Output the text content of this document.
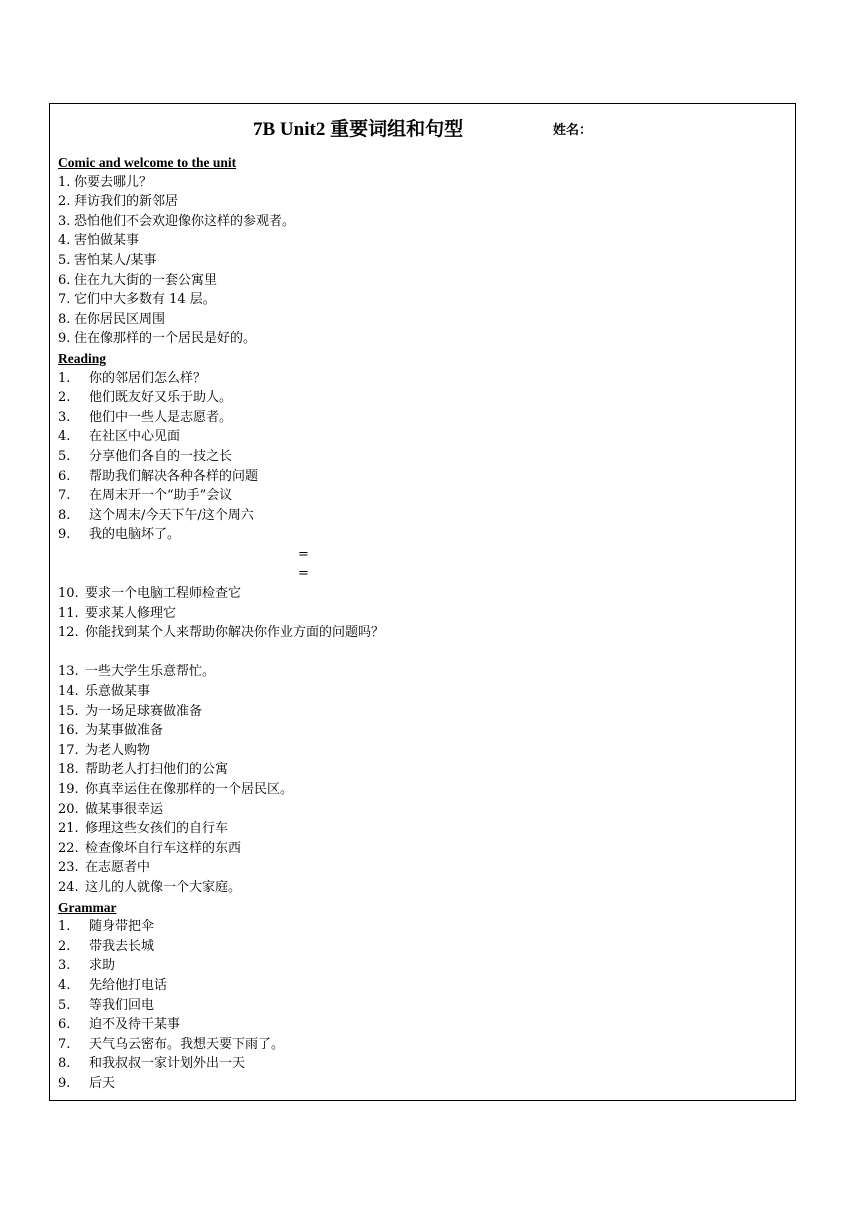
7B Unit2 重要词组和句型	姓名：
Comic and welcome to the unit
1. 你要去哪儿？
2. 拜访我们的新邻居
3. 恐怕他们不会欢迎像你这样的参观者。
4. 害怕做某事
5. 害怕某人/某事
6. 住在九大街的一套公寓里
7. 它们中大多数有 14 层。
8. 在你居民区周围
9. 住在像那样的一个居民是好的。
Reading
1. 你的邻居们怎么样？
2. 他们既友好又乐于助人。
3. 他们中一些人是志愿者。
4. 在社区中心见面
5. 分享他们各自的一技之长
6. 帮助我们解决各种各样的问题
7. 在周末开一个“助手”会议
8. 这个周末/今天下午/这个周六
9. 我的电脑坏了。
=
=
10. 要求一个电脑工程师检查它
11. 要求某人修理它
12. 你能找到某个人来帮助你解决你作业方面的问题吗？
13. 一些大学生乐意帮忙。
14. 乐意做某事
15. 为一场足球赛做准备
16. 为某事做准备
17. 为老人购物
18. 帮助老人打扫他们的公寓
19. 你真幸运住在像那样的一个居民区。
20. 做某事很幸运
21. 修理这些女孩们的自行车
22. 检查像坏自行车这样的东西
23. 在志愿者中
24. 这儿的人就像一个大家庭。
Grammar
1. 随身带把伞
2. 带我去长城
3. 求助
4. 先给他打电话
5. 等我们回电
6. 迫不及待干某事
7. 天气乌云密布。我想天要下雨了。
8. 和我叔叔一家计划外出一天
9. 后天
